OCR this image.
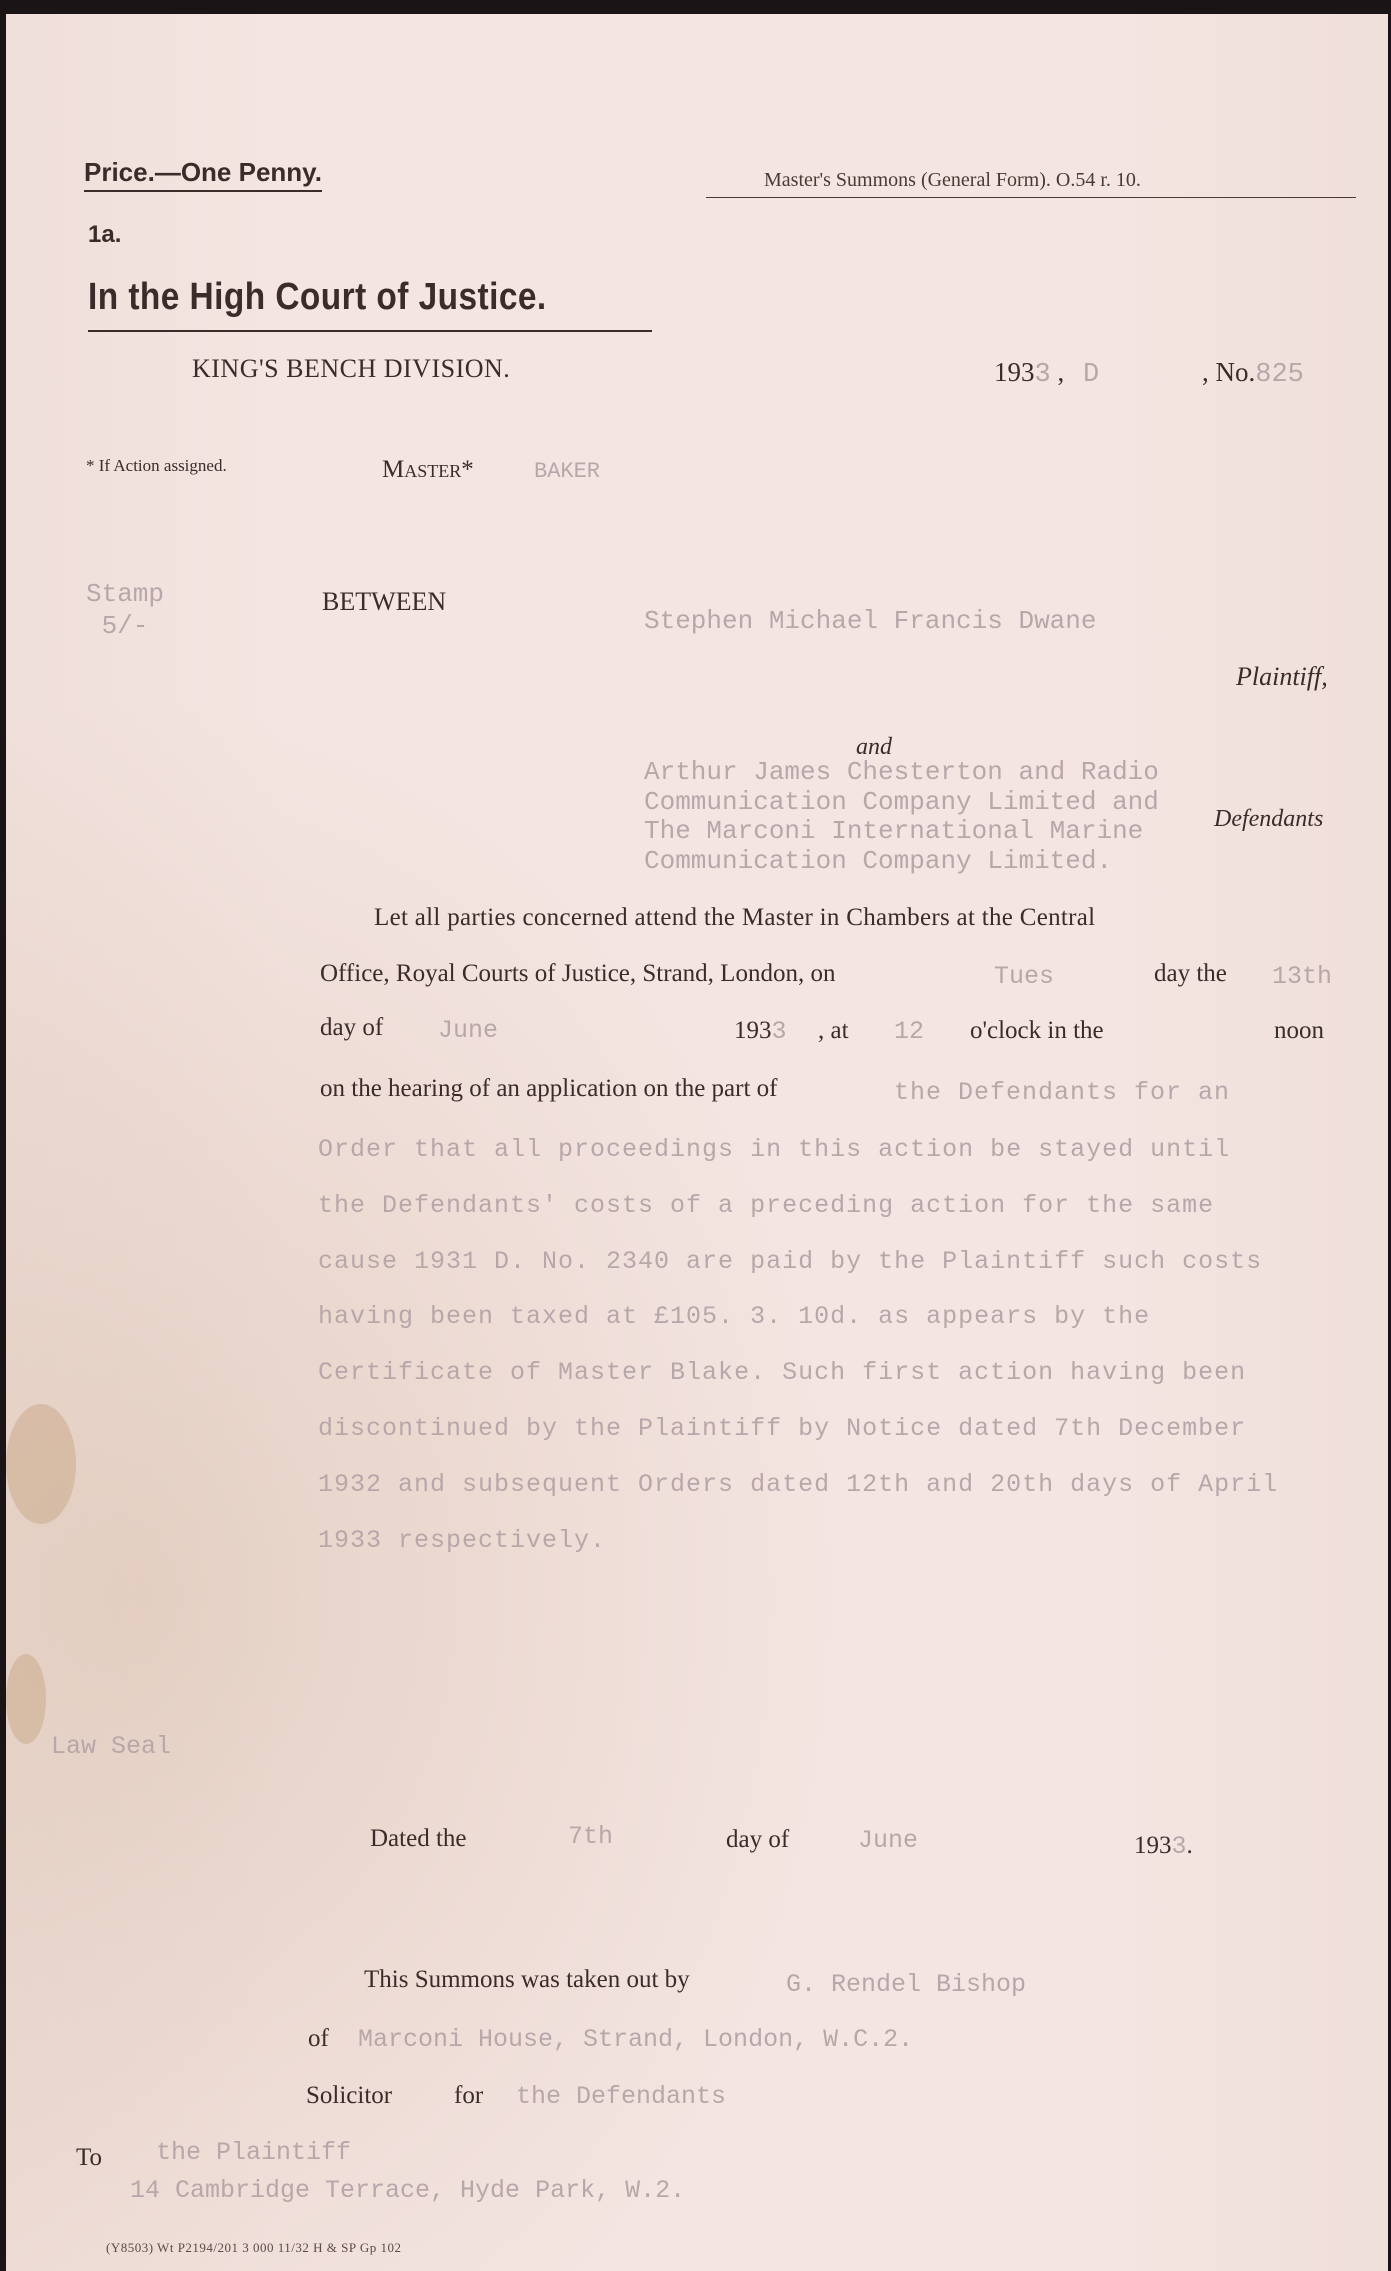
Price.—One Penny.	Master's Summons (General Form). O.54 r. 10.
1a.
In the High Court of Justice.
KING'S BENCH DIVISION.	1933 , D	, No.825
* If Action assigned.	Master*	BAKER
Stamp
5/-
BETWEEN
Stephen Michael Francis Dwane
Plaintiff,
and
Arthur James Chesterton and Radio
Communication Company Limited and
The Marconi International Marine
Communication Company Limited.
Defendants
Let all parties concerned attend the Master in Chambers at the Central
Office, Royal Courts of Justice, Strand, London, on	Tues	day the 13th
day of June	1933 , at 12 o'clock in the	noon
on the hearing of an application on the part of	the Defendants for an
Order that all proceedings in this action be stayed until
the Defendants' costs of a preceding action for the same
cause 1931 D. No. 2340 are paid by the Plaintiff such costs
having been taxed at £105. 3. 10d. as appears by the
Certificate of Master Blake. Such first action having been
discontinued by the Plaintiff by Notice dated 7th December
1932 and subsequent Orders dated 12th and 20th days of April
1933 respectively.
Law Seal
Dated the	7th	day of	June	1933.
This Summons was taken out by	G. Rendel Bishop
of Marconi House, Strand, London, W.C.2.
Solicitor for the Defendants
To the Plaintiff
14 Cambridge Terrace, Hyde Park, W.2.
(Y8503) Wt P2194/201 3 000 11/32 H & SP Gp 102
